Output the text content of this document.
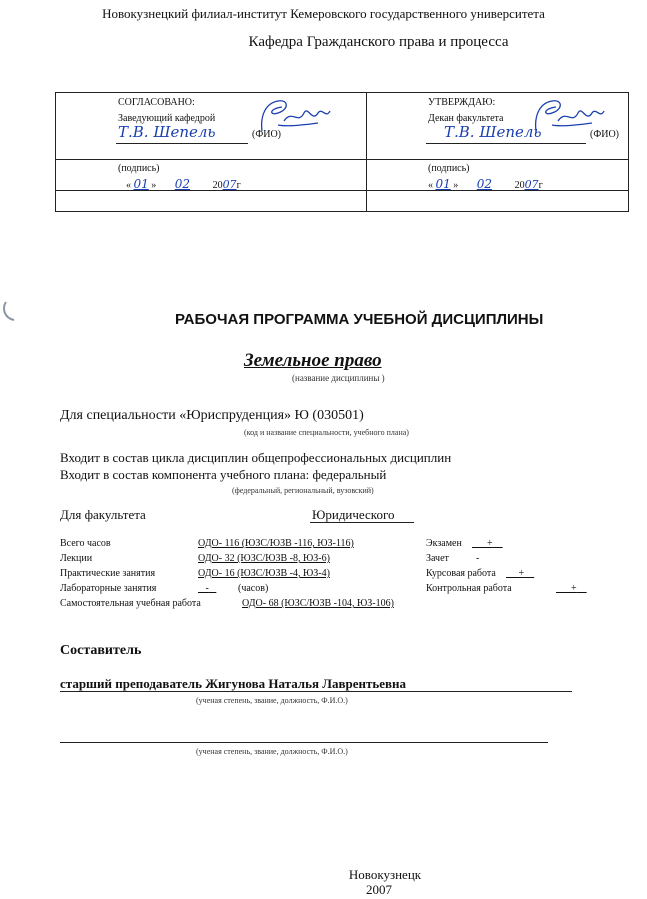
Новокузнецкий филиал-институт Кемеровского государственного университета
Кафедра Гражданского права и процесса
СОГЛАСОВАНО:
Заведующий кафедрой
Т.В. Шепель	(ФИО)
(подпись)
« 01 » 02 2007г
УТВЕРЖДАЮ:
Декан факультета
Т.В. Шепель	(ФИО)
(подпись)
« 01 » 02 2007г
РАБОЧАЯ ПРОГРАММА УЧЕБНОЙ ДИСЦИПЛИНЫ
Земельное право
(название дисциплины )
Для специальности «Юриспруденция» Ю (030501)
(код и название специальности, учебного плана)
Входит в состав цикла дисциплин общепрофессиональных дисциплин
Входит в состав компонента учебного плана: федеральный
(федеральный, региональный, вузовский)
Для факультета	Юридического
Всего часов	ОДО- 116 (ЮЗС/ЮЗВ -116, ЮЗ-116)
Лекции	ОДО- 32 (ЮЗС/ЮЗВ -8, ЮЗ-6)
Практические занятия	ОДО- 16 (ЮЗС/ЮЗВ -4, ЮЗ-4)
Лабораторные занятия	-	(часов)
Самостоятельная учебная работа	ОДО- 68 (ЮЗС/ЮЗВ -104, ЮЗ-106)
Экзамен	+
Зачет	-
Курсовая работа	+
Контрольная работа	+
Составитель
старший преподаватель Жигунова Наталья Лаврентьевна
(ученая степень, звание, должность, Ф.И.О.)
(ученая степень, звание, должность, Ф.И.О.)
Новокузнецк
2007
